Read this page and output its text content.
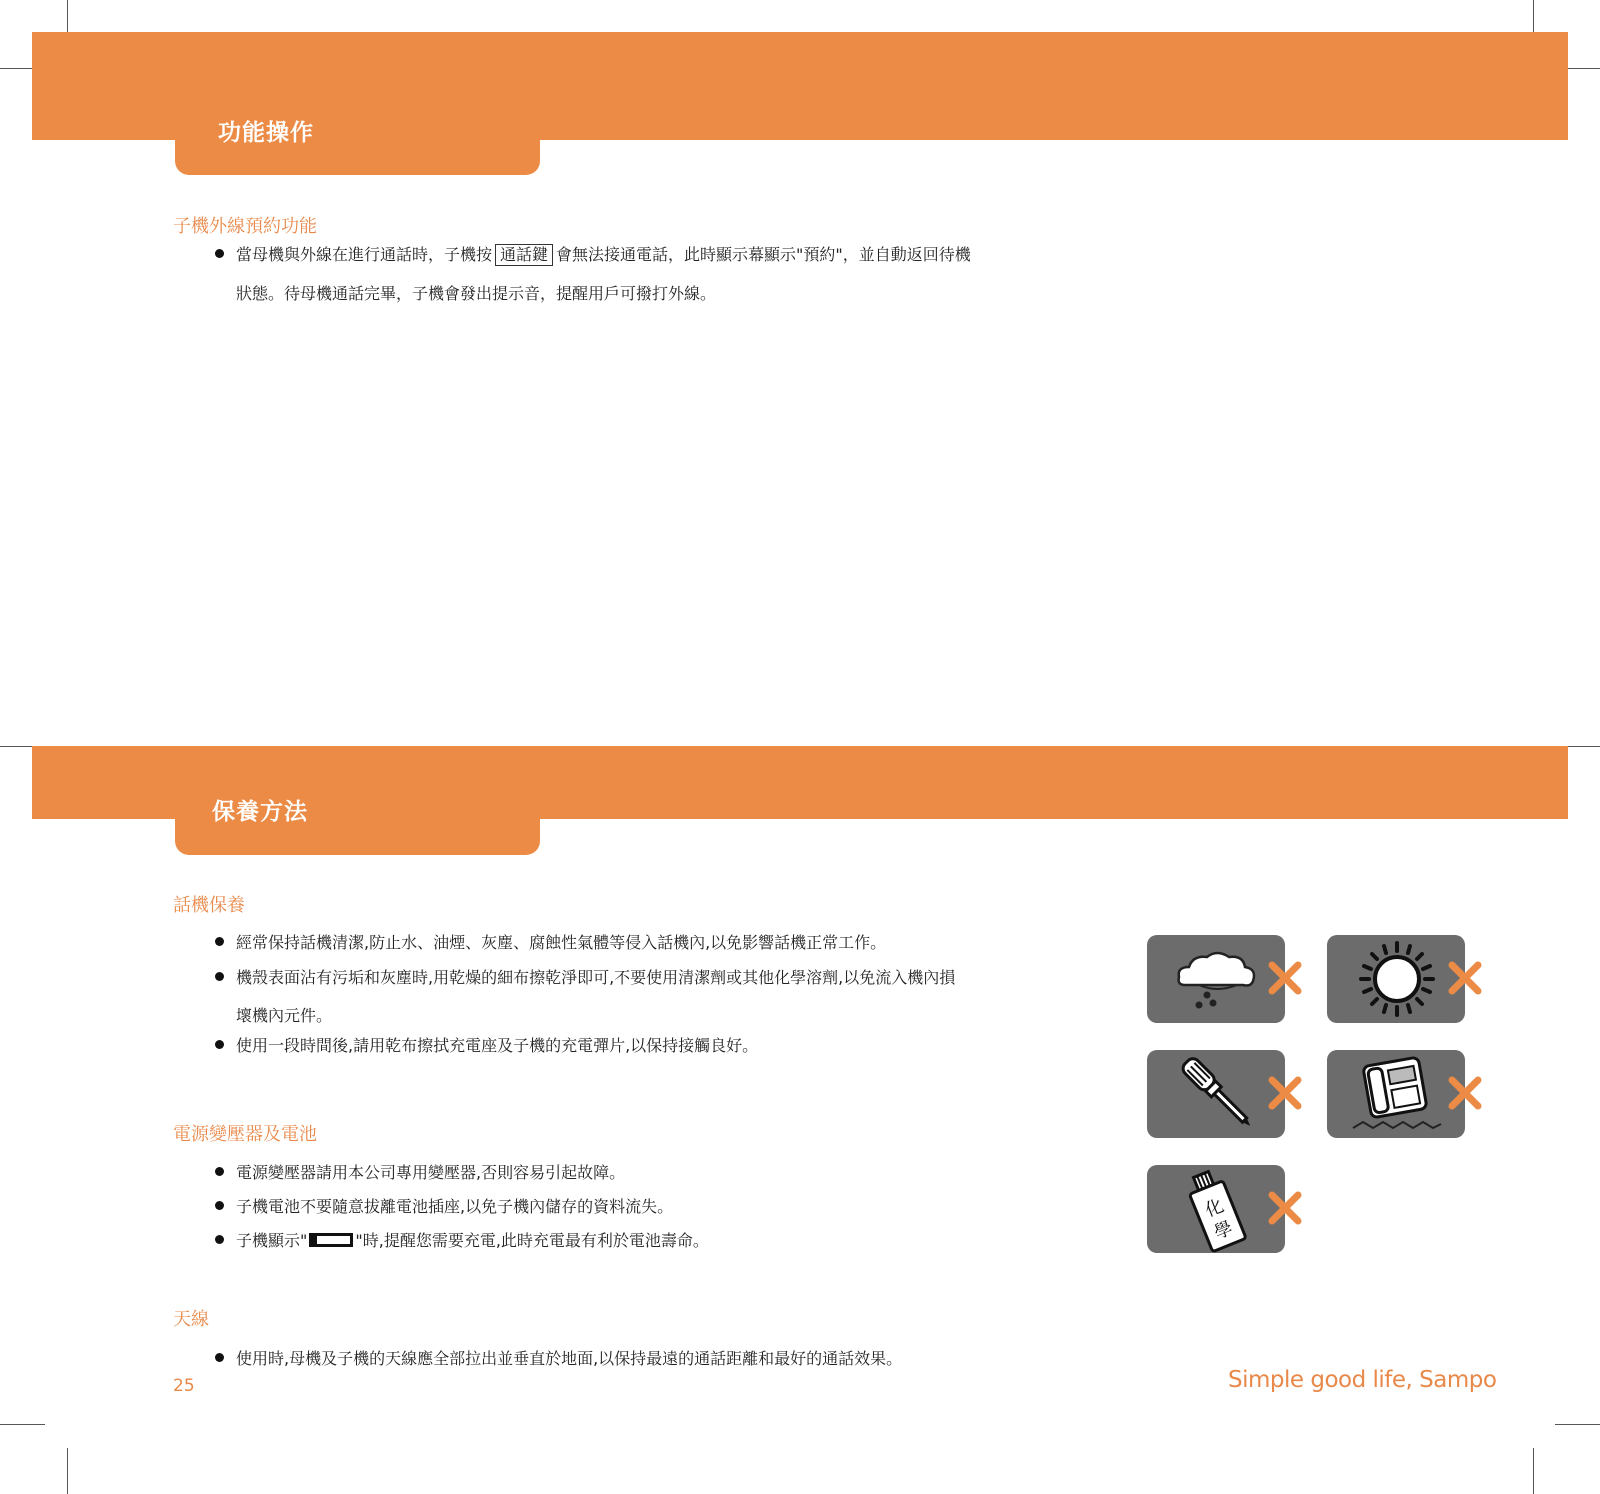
功能操作
子機外線預約功能
當母機與外線在進行通話時，子機按 通話鍵 會無法接通電話，此時顯示幕顯示"預約"，並自動返回待機
狀態。待母機通話完畢，子機會發出提示音，提醒用戶可撥打外線。
保養方法
話機保養
經常保持話機清潔,防止水、油煙、灰塵、腐蝕性氣體等侵入話機內,以免影響話機正常工作。
機殼表面沾有污垢和灰塵時,用乾燥的細布擦乾淨即可,不要使用清潔劑或其他化學溶劑,以免流入機內損
壞機內元件。
使用一段時間後,請用乾布擦拭充電座及子機的充電彈片,以保持接觸良好。
電源變壓器及電池
電源變壓器請用本公司專用變壓器,否則容易引起故障。
子機電池不要隨意拔離電池插座,以免子機內儲存的資料流失。
子機顯示"	"時,提醒您需要充電,此時充電最有利於電池壽命。
天線
使用時,母機及子機的天線應全部拉出並垂直於地面,以保持最遠的通話距離和最好的通話效果。
化
學
25	Simple good life, Sampo
